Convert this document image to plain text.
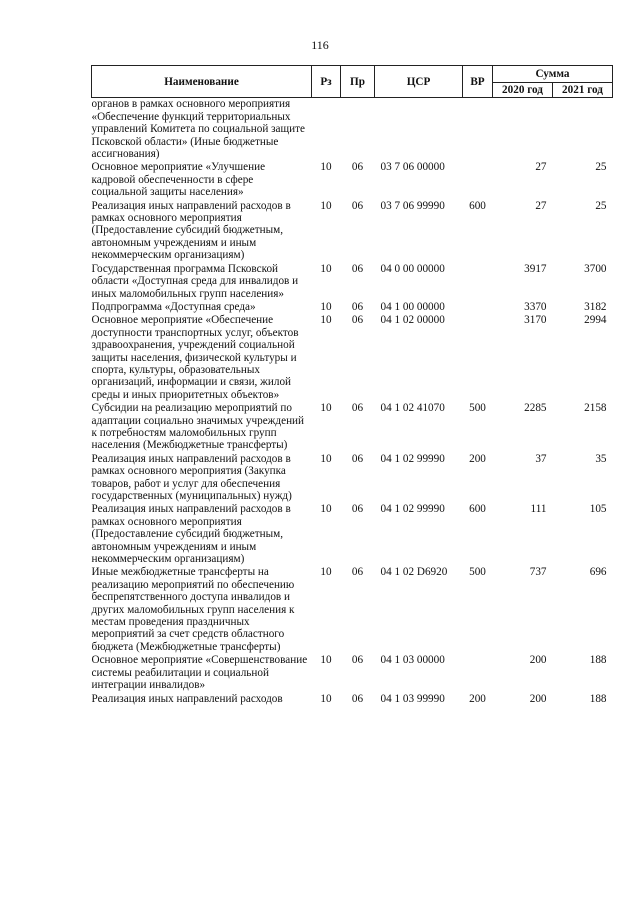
116
Наименование	Рз	Пр	ЦСР	ВР	Сумма	
					2020 год	2021 год
органов в рамках основного мероприятия «Обеспечение функций территориальных управлений Комитета по социальной защите Псковской области» (Иные бюджетные ассигнования)						
Основное мероприятие «Улучшение кадровой обеспеченности в сфере социальной защиты населения»	10	06	03 7 06 00000		27	25
Реализация иных направлений расходов в рамках основного мероприятия (Предоставление субсидий бюджетным, автономным учреждениям и иным некоммерческим организациям)	10	06	03 7 06 99990	600	27	25
Государственная программа Псковской области «Доступная среда для инвалидов и иных маломобильных групп населения»	10	06	04 0 00 00000		3917	3700
Подпрограмма «Доступная среда»	10	06	04 1 00 00000		3370	3182
Основное мероприятие «Обеспечение доступности транспортных услуг, объектов здравоохранения, учреждений социальной защиты населения, физической культуры и спорта, культуры, образовательных организаций, информации и связи, жилой среды и иных приоритетных объектов»	10	06	04 1 02 00000		3170	2994
Субсидии на реализацию мероприятий по адаптации социально значимых учреждений к потребностям маломобильных групп населения (Межбюджетные трансферты)	10	06	04 1 02 41070	500	2285	2158
Реализация иных направлений расходов в рамках основного мероприятия (Закупка товаров, работ и услуг для обеспечения государственных (муниципальных) нужд)	10	06	04 1 02 99990	200	37	35
Реализация иных направлений расходов в рамках основного мероприятия (Предоставление субсидий бюджетным, автономным учреждениям и иным некоммерческим организациям)	10	06	04 1 02 99990	600	111	105
Иные межбюджетные трансферты на реализацию мероприятий по обеспечению беспрепятственного доступа инвалидов и других маломобильных групп населения к местам проведения праздничных мероприятий за счет средств областного бюджета (Межбюджетные трансферты)	10	06	04 1 02 D6920	500	737	696
Основное мероприятие «Совершенствование системы реабилитации и социальной интеграции инвалидов»	10	06	04 1 03 00000		200	188
Реализация иных направлений расходов	10	06	04 1 03 99990	200	200	188
